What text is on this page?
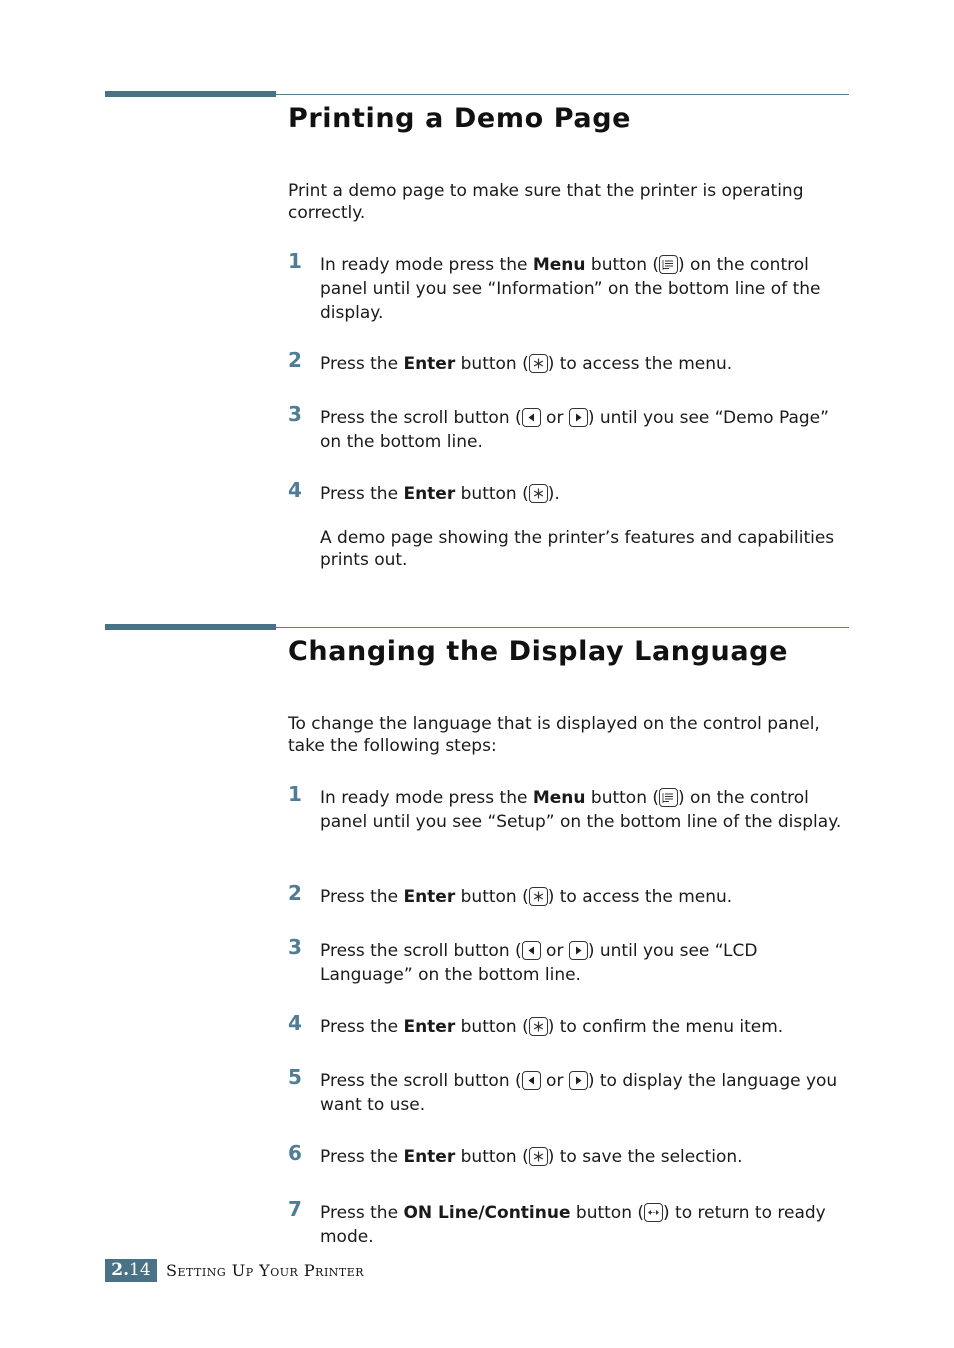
Printing a Demo Page

Print a demo page to make sure that the printer is operating correctly.

1 In ready mode press the Menu button ( ) on the control panel until you see “Information” on the bottom line of the display.
2 Press the Enter button ( ) to access the menu.
3 Press the scroll button (
or
) until you see “Demo Page” on the bottom line.
4 Press the Enter button ( ).
A demo page showing the printer’s features and capabilities prints out.
Changing the Display Language

To change the language that is displayed on the control panel, take the following steps:

1 In ready mode press the Menu button ( ) on the control panel until you see “Setup” on the bottom line of the display.
2 Press the Enter button ( ) to access the menu.
3 Press the scroll button (
or
) until you see “LCD Language” on the bottom line.
4 Press the Enter button ( ) to confirm the menu item.
5 Press the scroll button (
or
) to display the language you want to use.
6 Press the Enter button ( ) to save the selection.
7 Press the ON Line/Continue button ( ) to return to ready mode.
2.14 Setting Up Your Printer
